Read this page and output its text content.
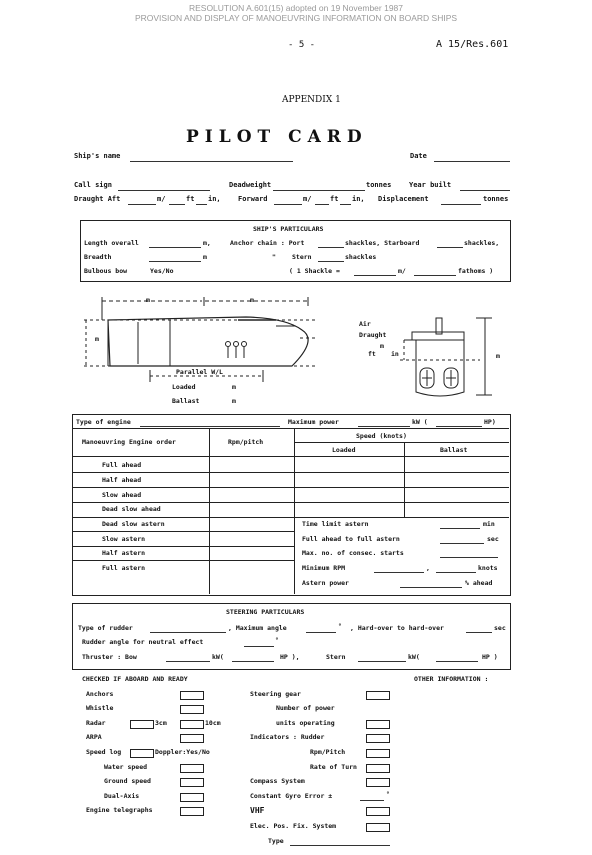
RESOLUTION A.601(15) adopted on 19 November 1987
PROVISION AND DISPLAY OF MANOEUVRING INFORMATION ON BOARD SHIPS
- 5 -	A 15/Res.601
APPENDIX 1
PILOT CARD
Ship's name	Date
Call sign	Deadweight	tonnes	Year built
Draught Aft	m/	ft in, Forward	m/	ft in, Displacement	tonnes
SHIP'S PARTICULARS
Length overall	m,	Anchor chain : Port	shackles, Starboard	shackles,
Breadth	m	" Stern	shackles
Bulbous bow	Yes/No	( 1 Shackle =	m/	fathoms )
m	m
m
Parallel W/L
Loaded	m
Ballast	m
Air
Draught
m
ft in	m
Type of engine	Maximum power	kW (	HP)
Manoeuvring Engine order	Rpm/pitch
Speed (knots)
Loaded	Ballast
Full ahead
Half ahead
Slow ahead
Dead slow ahead
Dead slow astern
Slow astern
Half astern
Full astern
Time limit astern	min
Full ahead to full astern	sec
Max. no. of consec. starts
Minimum RPM	,	knots
Astern power	% ahead
STEERING PARTICULARS
Type of rudder	, Maximum angle	° , Hard-over to hard-over	sec
Rudder angle for neutral effect	°
Thruster : Bow	kW(	HP ),	Stern	kW(	HP )
CHECKED IF ABOARD AND READY	OTHER INFORMATION :
Anchors
Whistle
Radar	3cm	10cm
ARPA
Speed log	Doppler:Yes/No
Water speed
Ground speed
Dual-Axis
Engine telegraphs
Steering gear
Number of power
units operating
Indicators : Rudder
Rpm/Pitch
Rate of Turn
Compass System
Constant Gyro Error ±	°
VHF
Elec. Pos. Fix. System
Type
